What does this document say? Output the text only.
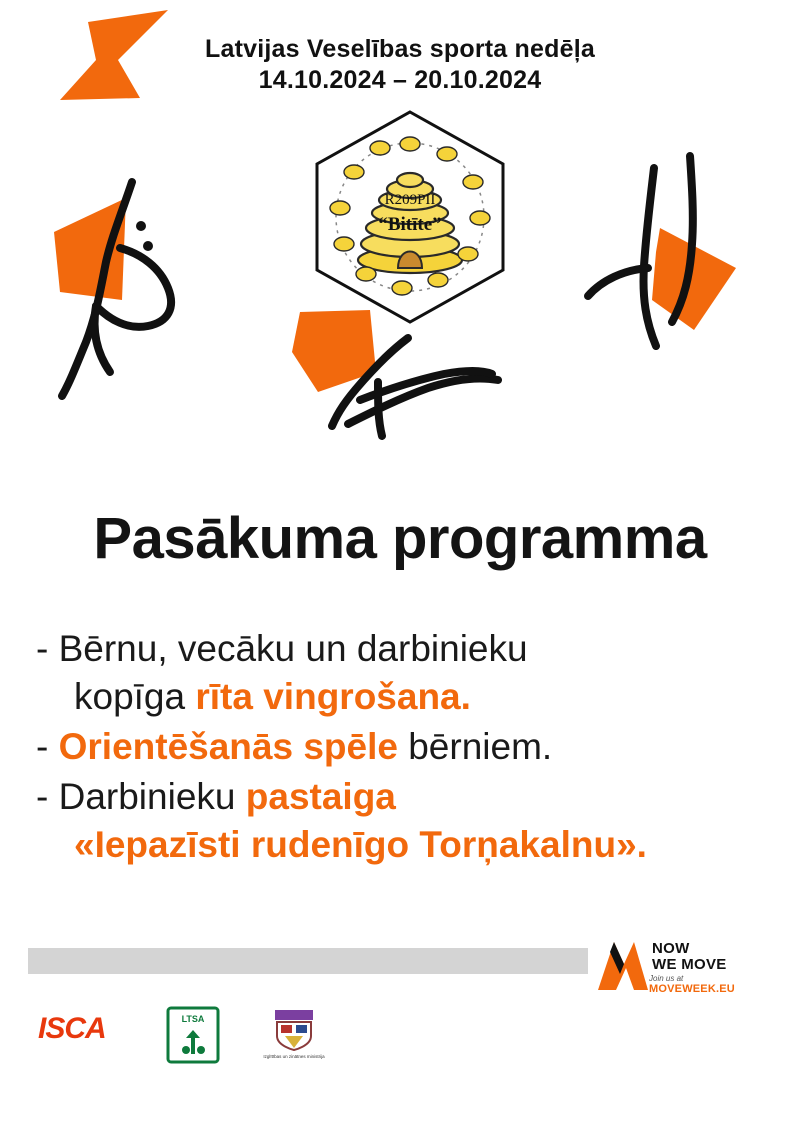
Latvijas Veselības sporta nedēļa
14.10.2024 – 20.10.2024
R209PII
“Bitīte”
Pasākuma programma
- Bērnu, vecāku un darbinieku
kopīga rīta vingrošana.
- Orientēšanās spēle bērniem.
- Darbinieku pastaiga
«Iepazīsti rudenīgo Torņakalnu».
NOW
WE MOVE
Join us at
MOVEWEEK.EU
ISCA	LTSA
Izglītības un zinātnes ministrija
